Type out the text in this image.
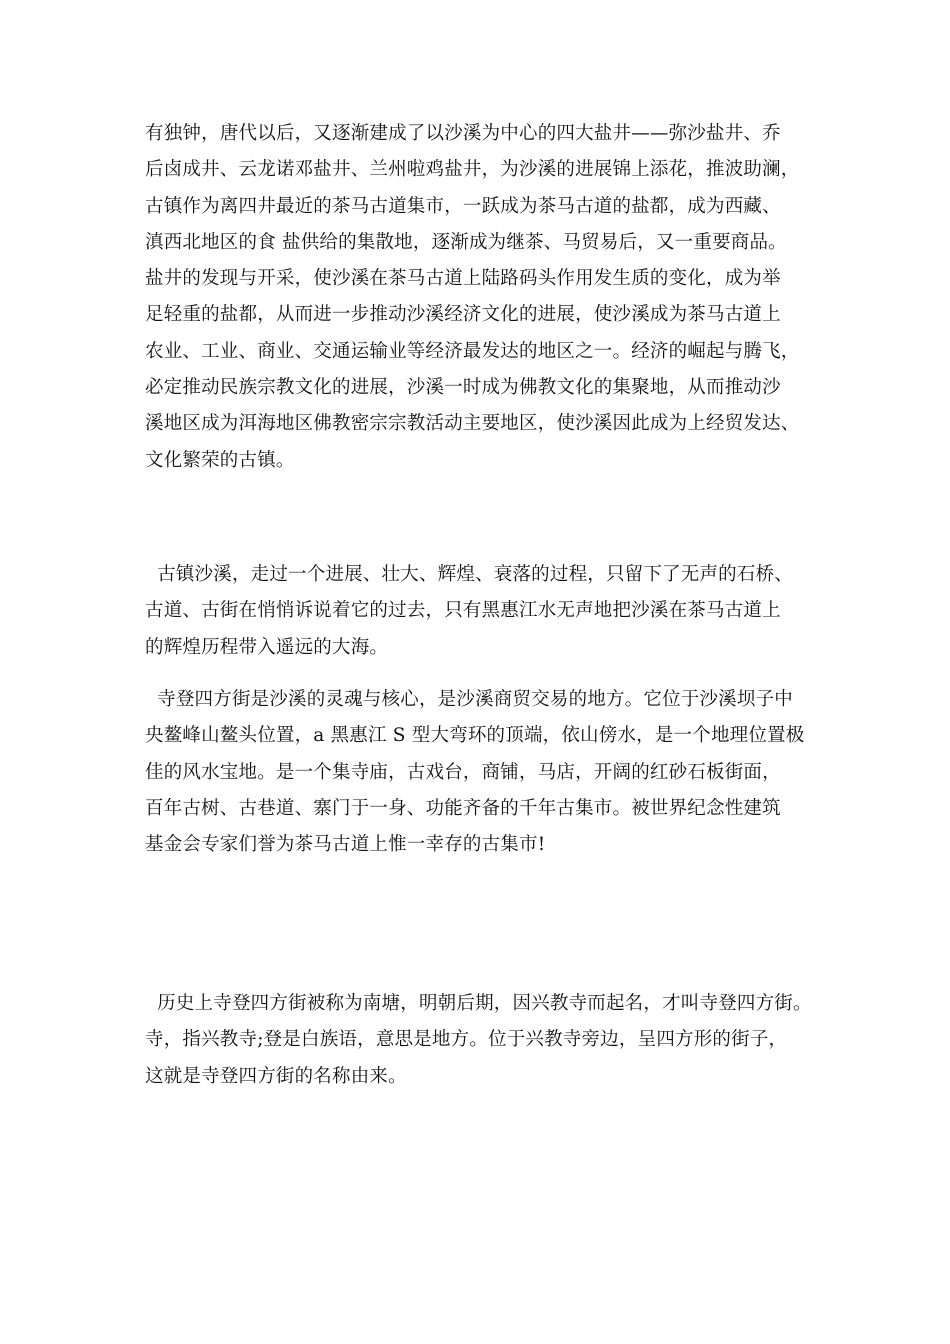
有独钟，唐代以后，又逐渐建成了以沙溪为中心的四大盐井——弥沙盐井、乔
后卤成井、云龙诺邓盐井、兰州啦鸡盐井，为沙溪的进展锦上添花，推波助澜，
古镇作为离四井最近的茶马古道集市，一跃成为茶马古道的盐都，成为西藏、
滇西北地区的食 盐供给的集散地，逐渐成为继茶、马贸易后，又一重要商品。
盐井的发现与开采，使沙溪在茶马古道上陆路码头作用发生质的变化，成为举
足轻重的盐都，从而进一步推动沙溪经济文化的进展，使沙溪成为茶马古道上
农业、工业、商业、交通运输业等经济最发达的地区之一。经济的崛起与腾飞，
必定推动民族宗教文化的进展，沙溪一时成为佛教文化的集聚地，从而推动沙
溪地区成为洱海地区佛教密宗宗教活动主要地区，使沙溪因此成为上经贸发达、
文化繁荣的古镇。
古镇沙溪，走过一个进展、壮大、辉煌、衰落的过程，只留下了无声的石桥、
古道、古街在悄悄诉说着它的过去，只有黑惠江水无声地把沙溪在茶马古道上
的辉煌历程带入遥远的大海。
寺登四方街是沙溪的灵魂与核心，是沙溪商贸交易的地方。它位于沙溪坝子中
央鳌峰山鳌头位置，a 黑惠江 S 型大弯环的顶端，依山傍水，是一个地理位置极
佳的风水宝地。是一个集寺庙，古戏台，商铺，马店，开阔的红砂石板街面，
百年古树、古巷道、寨门于一身、功能齐备的千年古集市。被世界纪念性建筑
基金会专家们誉为茶马古道上惟一幸存的古集市!
历史上寺登四方街被称为南塘，明朝后期，因兴教寺而起名，才叫寺登四方街。
寺，指兴教寺;登是白族语，意思是地方。位于兴教寺旁边，呈四方形的街子，
这就是寺登四方街的名称由来。
